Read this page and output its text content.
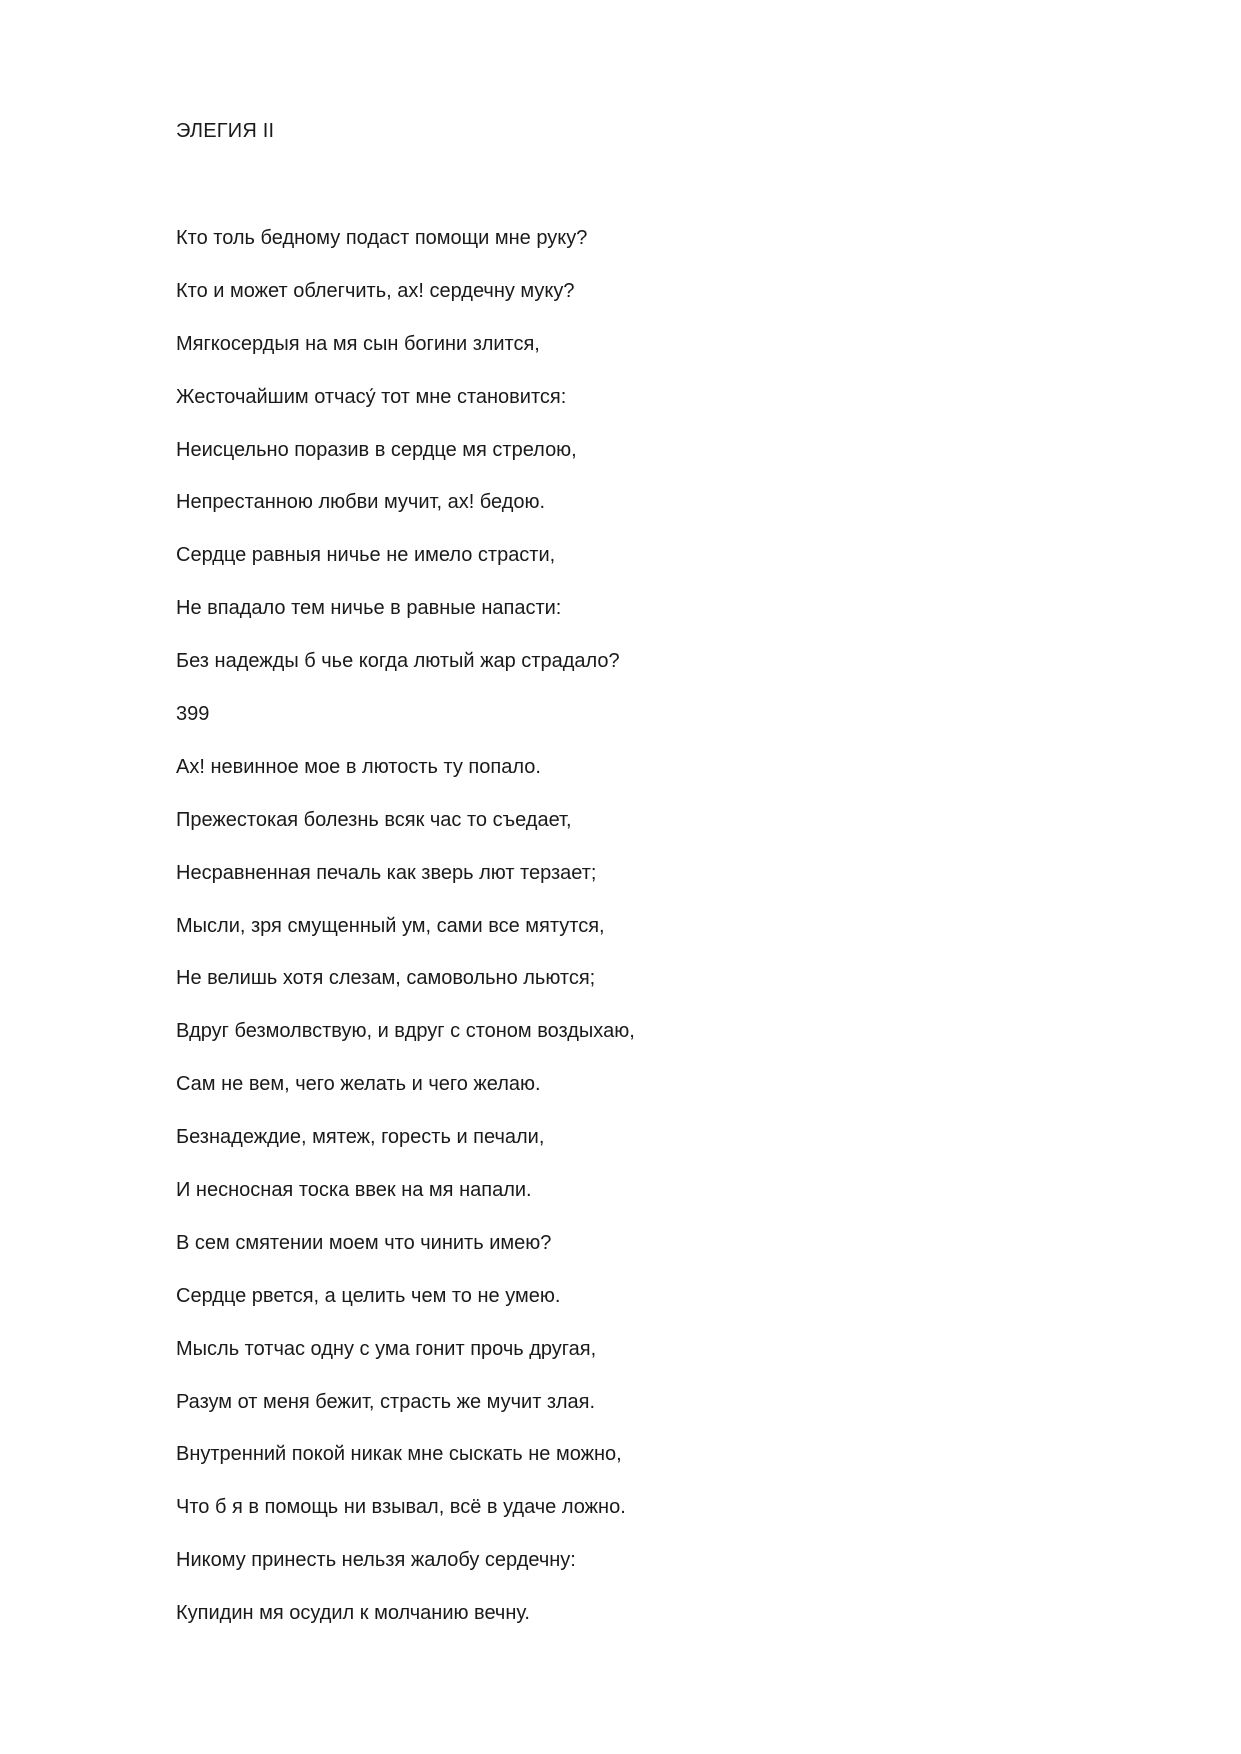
ЭЛЕГИЯ II
Кто толь бедному подаст помощи мне руку?
Кто и может облегчить, ах! сердечну муку?
Мягкосердыя на мя сын богини злится,
Жесточайшим отчасу́ тот мне становится:
Неисцельно поразив в сердце мя стрелою,
Непрестанною любви мучит, ах! бедою.
Сердце равныя ничье не имело страсти,
Не впадало тем ничье в равные напасти:
Без надежды б чье когда лютый жар страдало?
399
Ах! невинное мое в лютость ту попало.
Прежестокая болезнь всяк час то съедает,
Несравненная печаль как зверь лют терзает;
Мысли, зря смущенный ум, сами все мятутся,
Не велишь хотя слезам, самовольно льются;
Вдруг безмолвствую, и вдруг с стоном воздыхаю,
Сам не вем, чего желать и чего желаю.
Безнадеждие, мятеж, горесть и печали,
И несносная тоска ввек на мя напали.
В сем смятении моем что чинить имею?
Сердце рвется, а целить чем то не умею.
Мысль тотчас одну с ума гонит прочь другая,
Разум от меня бежит, страсть же мучит злая.
Внутренний покой никак мне сыскать не можно,
Что б я в помощь ни взывал, всё в удаче ложно.
Никому принесть нельзя жалобу сердечну:
Купидин мя осудил к молчанию вечну.
